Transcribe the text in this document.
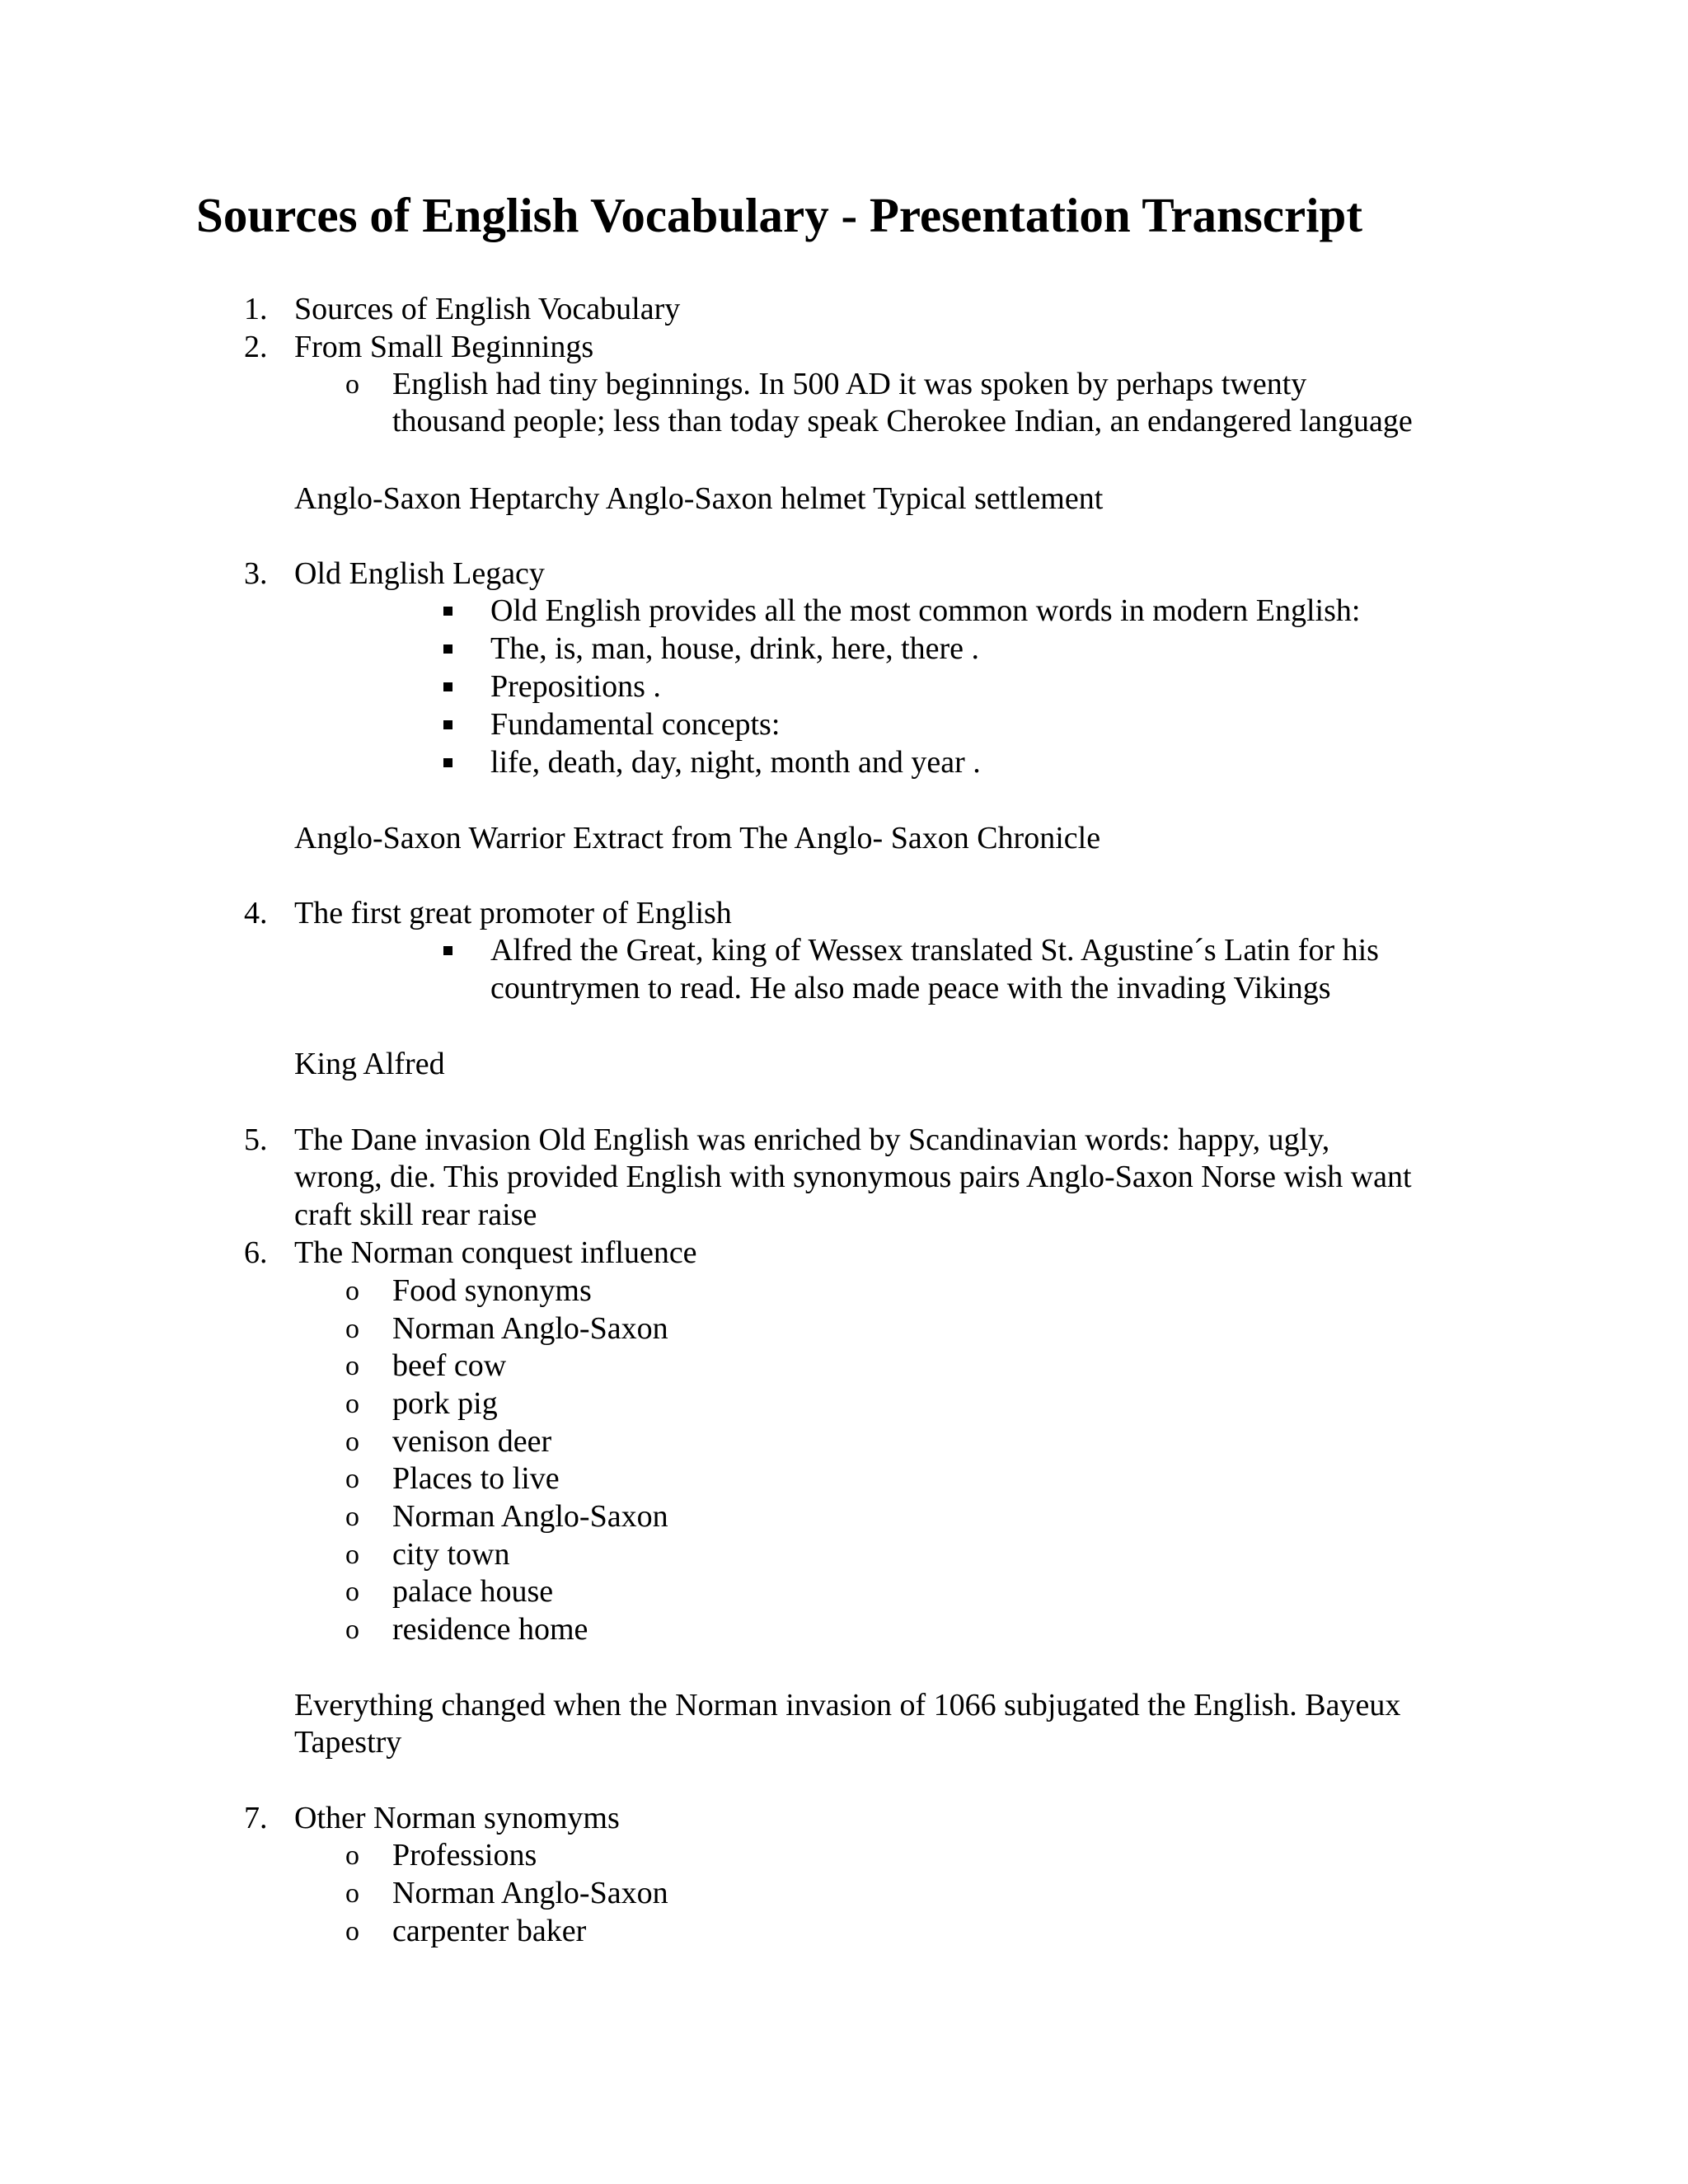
Sources of English Vocabulary - Presentation Transcript
1. Sources of English Vocabulary
2. From Small Beginnings
o English had tiny beginnings. In 500 AD it was spoken by perhaps twenty
thousand people; less than today speak Cherokee Indian, an endangered language
Anglo-Saxon Heptarchy Anglo-Saxon helmet Typical settlement
3. Old English Legacy
Old English provides all the most common words in modern English:
The, is, man, house, drink, here, there .
Prepositions .
Fundamental concepts:
life, death, day, night, month and year .
Anglo-Saxon Warrior Extract from The Anglo- Saxon Chronicle
4. The first great promoter of English
Alfred the Great, king of Wessex translated St. Agustine´s Latin for his
countrymen to read. He also made peace with the invading Vikings
King Alfred
5. The Dane invasion Old English was enriched by Scandinavian words: happy, ugly,
wrong, die. This provided English with synonymous pairs Anglo-Saxon Norse wish want
craft skill rear raise
6. The Norman conquest influence
o Food synonyms
o Norman Anglo-Saxon
o beef cow
o pork pig
o venison deer
o Places to live
o Norman Anglo-Saxon
o city town
o palace house
o residence home
Everything changed when the Norman invasion of 1066 subjugated the English. Bayeux
Tapestry
7. Other Norman synomyms
o Professions
o Norman Anglo-Saxon
o carpenter baker
